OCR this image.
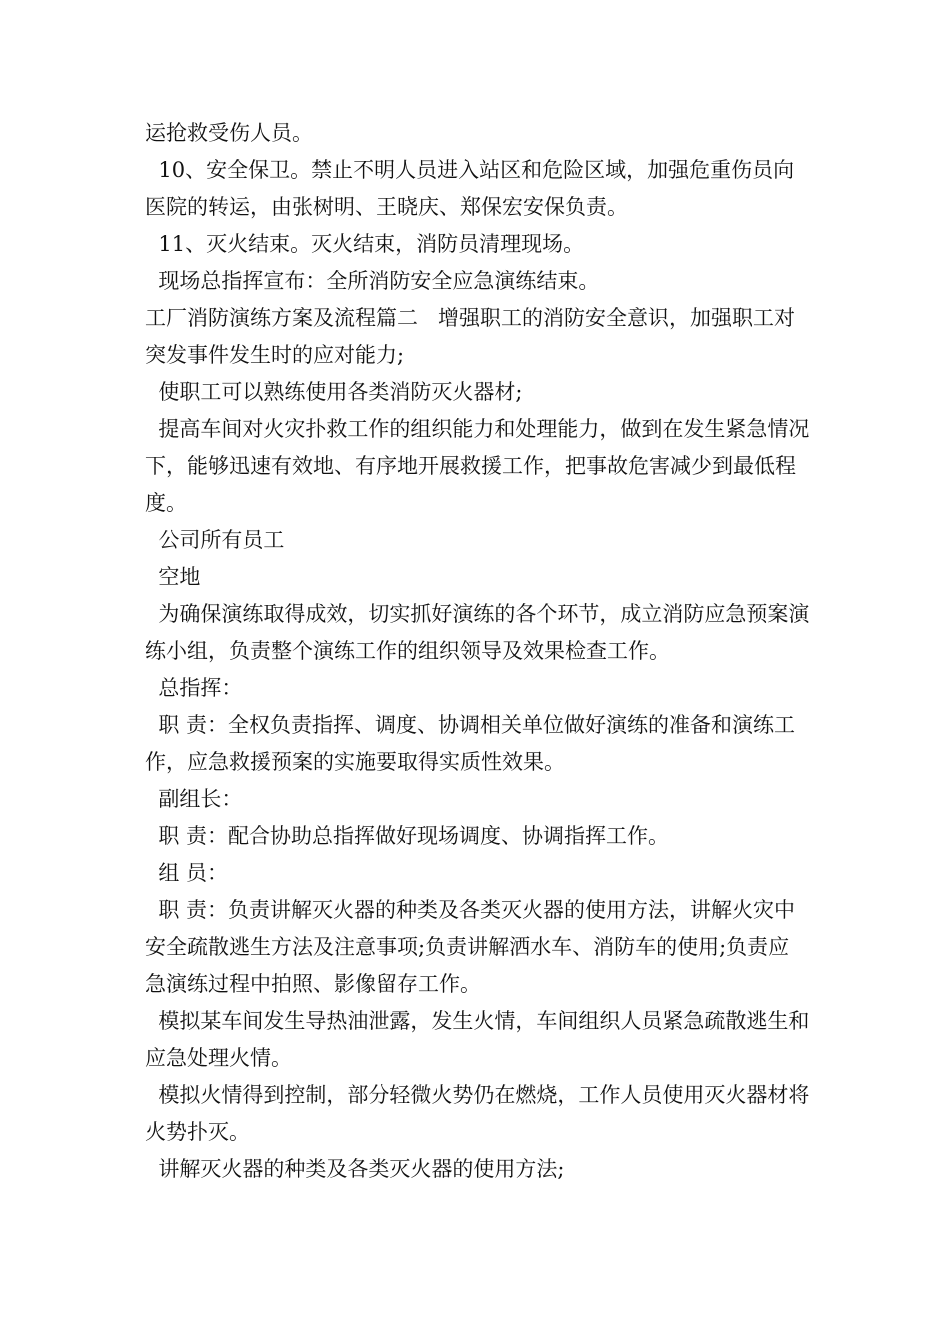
运抢救受伤人员。

10、安全保卫。禁止不明人员进入站区和危险区域，加强危重伤员向医院的转运，由张树明、王晓庆、郑保宏安保负责。

11、灭火结束。灭火结束，消防员清理现场。

现场总指挥宣布：全所消防安全应急演练结束。

工厂消防演练方案及流程篇二   增强职工的消防安全意识，加强职工对突发事件发生时的应对能力;

使职工可以熟练使用各类消防灭火器材;

提高车间对火灾扑救工作的组织能力和处理能力，做到在发生紧急情况下，能够迅速有效地、有序地开展救援工作，把事故危害减少到最低程度。

公司所有员工

空地

为确保演练取得成效，切实抓好演练的各个环节，成立消防应急预案演练小组，负责整个演练工作的组织领导及效果检查工作。

总指挥：

职 责：全权负责指挥、调度、协调相关单位做好演练的准备和演练工作，应急救援预案的实施要取得实质性效果。

副组长：

职 责：配合协助总指挥做好现场调度、协调指挥工作。

组 员：

职 责：负责讲解灭火器的种类及各类灭火器的使用方法，讲解火灾中安全疏散逃生方法及注意事项;负责讲解洒水车、消防车的使用;负责应急演练过程中拍照、影像留存工作。

模拟某车间发生导热油泄露，发生火情，车间组织人员紧急疏散逃生和应急处理火情。

模拟火情得到控制，部分轻微火势仍在燃烧，工作人员使用灭火器材将火势扑灭。

讲解灭火器的种类及各类灭火器的使用方法;
